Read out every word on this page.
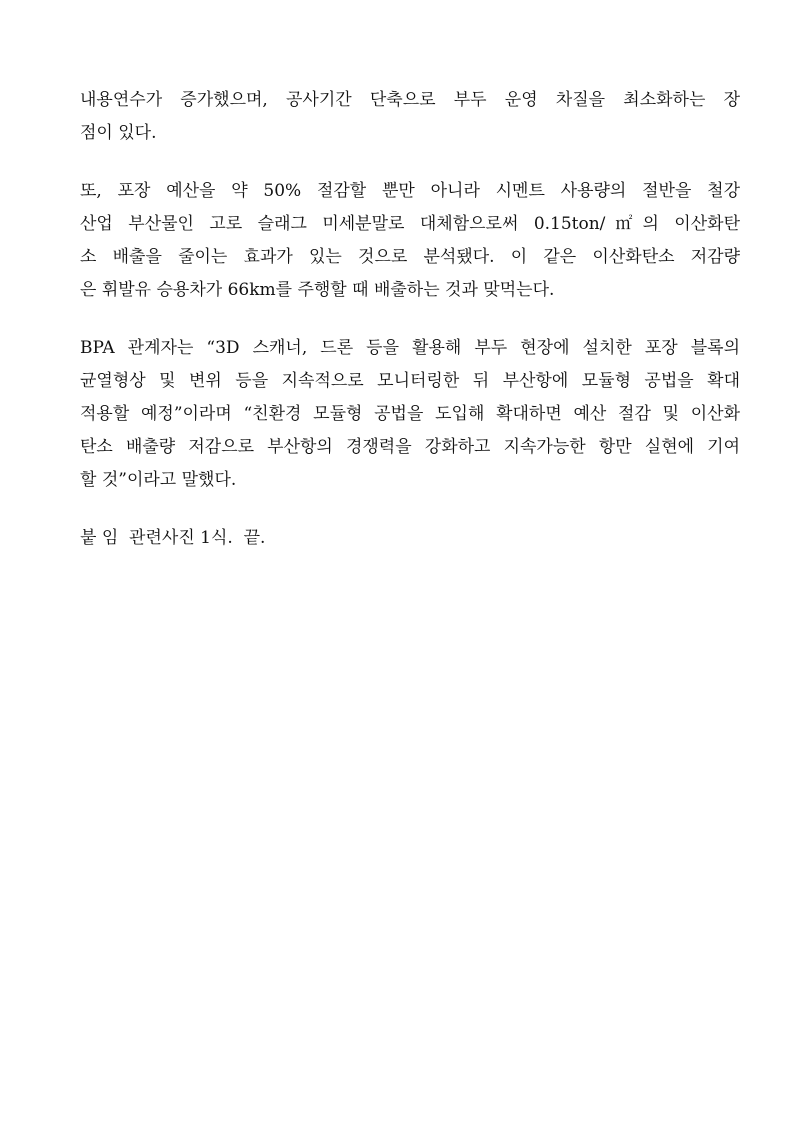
내용연수가 증가했으며, 공사기간 단축으로 부두 운영 차질을 최소화하는 장
점이 있다.
또, 포장 예산을 약 50% 절감할 뿐만 아니라 시멘트 사용량의 절반을 철강
산업 부산물인 고로 슬래그 미세분말로 대체함으로써 0.15ton/㎡의 이산화탄
소 배출을 줄이는 효과가 있는 것으로 분석됐다. 이 같은 이산화탄소 저감량
은 휘발유 승용차가 66km를 주행할 때 배출하는 것과 맞먹는다.
BPA 관계자는 “3D 스캐너, 드론 등을 활용해 부두 현장에 설치한 포장 블록의
균열형상 및 변위 등을 지속적으로 모니터링한 뒤 부산항에 모듈형 공법을 확대
적용할 예정”이라며 “친환경 모듈형 공법을 도입해 확대하면 예산 절감 및 이산화
탄소 배출량 저감으로 부산항의 경쟁력을 강화하고 지속가능한 항만 실현에 기여
할 것”이라고 말했다.
붙 임  관련사진 1식.  끝.
